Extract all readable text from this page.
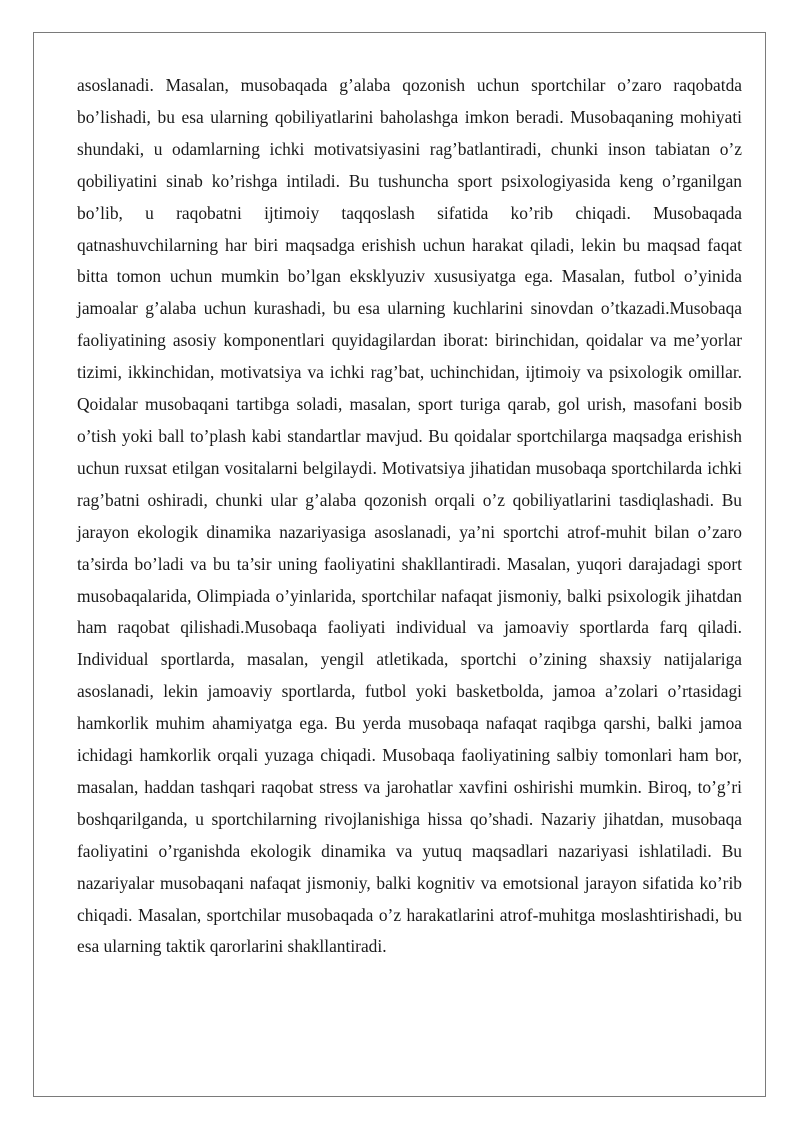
asoslanadi. Masalan, musobaqada g’alaba qozonish uchun sportchilar o’zaro raqobatda bo’lishadi, bu esa ularning qobiliyatlarini baholashga imkon beradi. Musobaqaning mohiyati shundaki, u odamlarning ichki motivatsiyasini rag’batlantiradi, chunki inson tabiatan o’z qobiliyatini sinab ko’rishga intiladi. Bu tushuncha sport psixologiyasida keng o’rganilgan bo’lib, u raqobatni ijtimoiy taqqoslash sifatida ko’rib chiqadi. Musobaqada qatnashuvchilarning har biri maqsadga erishish uchun harakat qiladi, lekin bu maqsad faqat bitta tomon uchun mumkin bo’lgan eksklyuziv xususiyatga ega. Masalan, futbol o’yinida jamoalar g’alaba uchun kurashadi, bu esa ularning kuchlarini sinovdan o’tkazadi.Musobaqa faoliyatining asosiy komponentlari quyidagilardan iborat: birinchidan, qoidalar va me’yorlar tizimi, ikkinchidan, motivatsiya va ichki rag’bat, uchinchidan, ijtimoiy va psixologik omillar. Qoidalar musobaqani tartibga soladi, masalan, sport turiga qarab, gol urish, masofani bosib o’tish yoki ball to’plash kabi standartlar mavjud. Bu qoidalar sportchilarga maqsadga erishish uchun ruxsat etilgan vositalarni belgilaydi. Motivatsiya jihatidan musobaqa sportchilarda ichki rag’batni oshiradi, chunki ular g’alaba qozonish orqali o’z qobiliyatlarini tasdiqlashadi. Bu jarayon ekologik dinamika nazariyasiga asoslanadi, ya’ni sportchi atrof-muhit bilan o’zaro ta’sirda bo’ladi va bu ta’sir uning faoliyatini shakllantiradi. Masalan, yuqori darajadagi sport musobaqalarida, Olimpiada o’yinlarida, sportchilar nafaqat jismoniy, balki psixologik jihatdan ham raqobat qilishadi.Musobaqa faoliyati individual va jamoaviy sportlarda farq qiladi. Individual sportlarda, masalan, yengil atletikada, sportchi o’zining shaxsiy natijalariga asoslanadi, lekin jamoaviy sportlarda, futbol yoki basketbolda, jamoa a’zolari o’rtasidagi hamkorlik muhim ahamiyatga ega. Bu yerda musobaqa nafaqat raqibga qarshi, balki jamoa ichidagi hamkorlik orqali yuzaga chiqadi. Musobaqa faoliyatining salbiy tomonlari ham bor, masalan, haddan tashqari raqobat stress va jarohatlar xavfini oshirishi mumkin. Biroq, to’g’ri boshqarilganda, u sportchilarning rivojlanishiga hissa qo’shadi. Nazariy jihatdan, musobaqa faoliyatini o’rganishda ekologik dinamika va yutuq maqsadlari nazariyasi ishlatiladi. Bu nazariyalar musobaqani nafaqat jismoniy, balki kognitiv va emotsional jarayon sifatida ko’rib chiqadi. Masalan, sportchilar musobaqada o’z harakatlarini atrof-muhitga moslashtirishadi, bu esa ularning taktik qarorlarini shakllantiradi.
